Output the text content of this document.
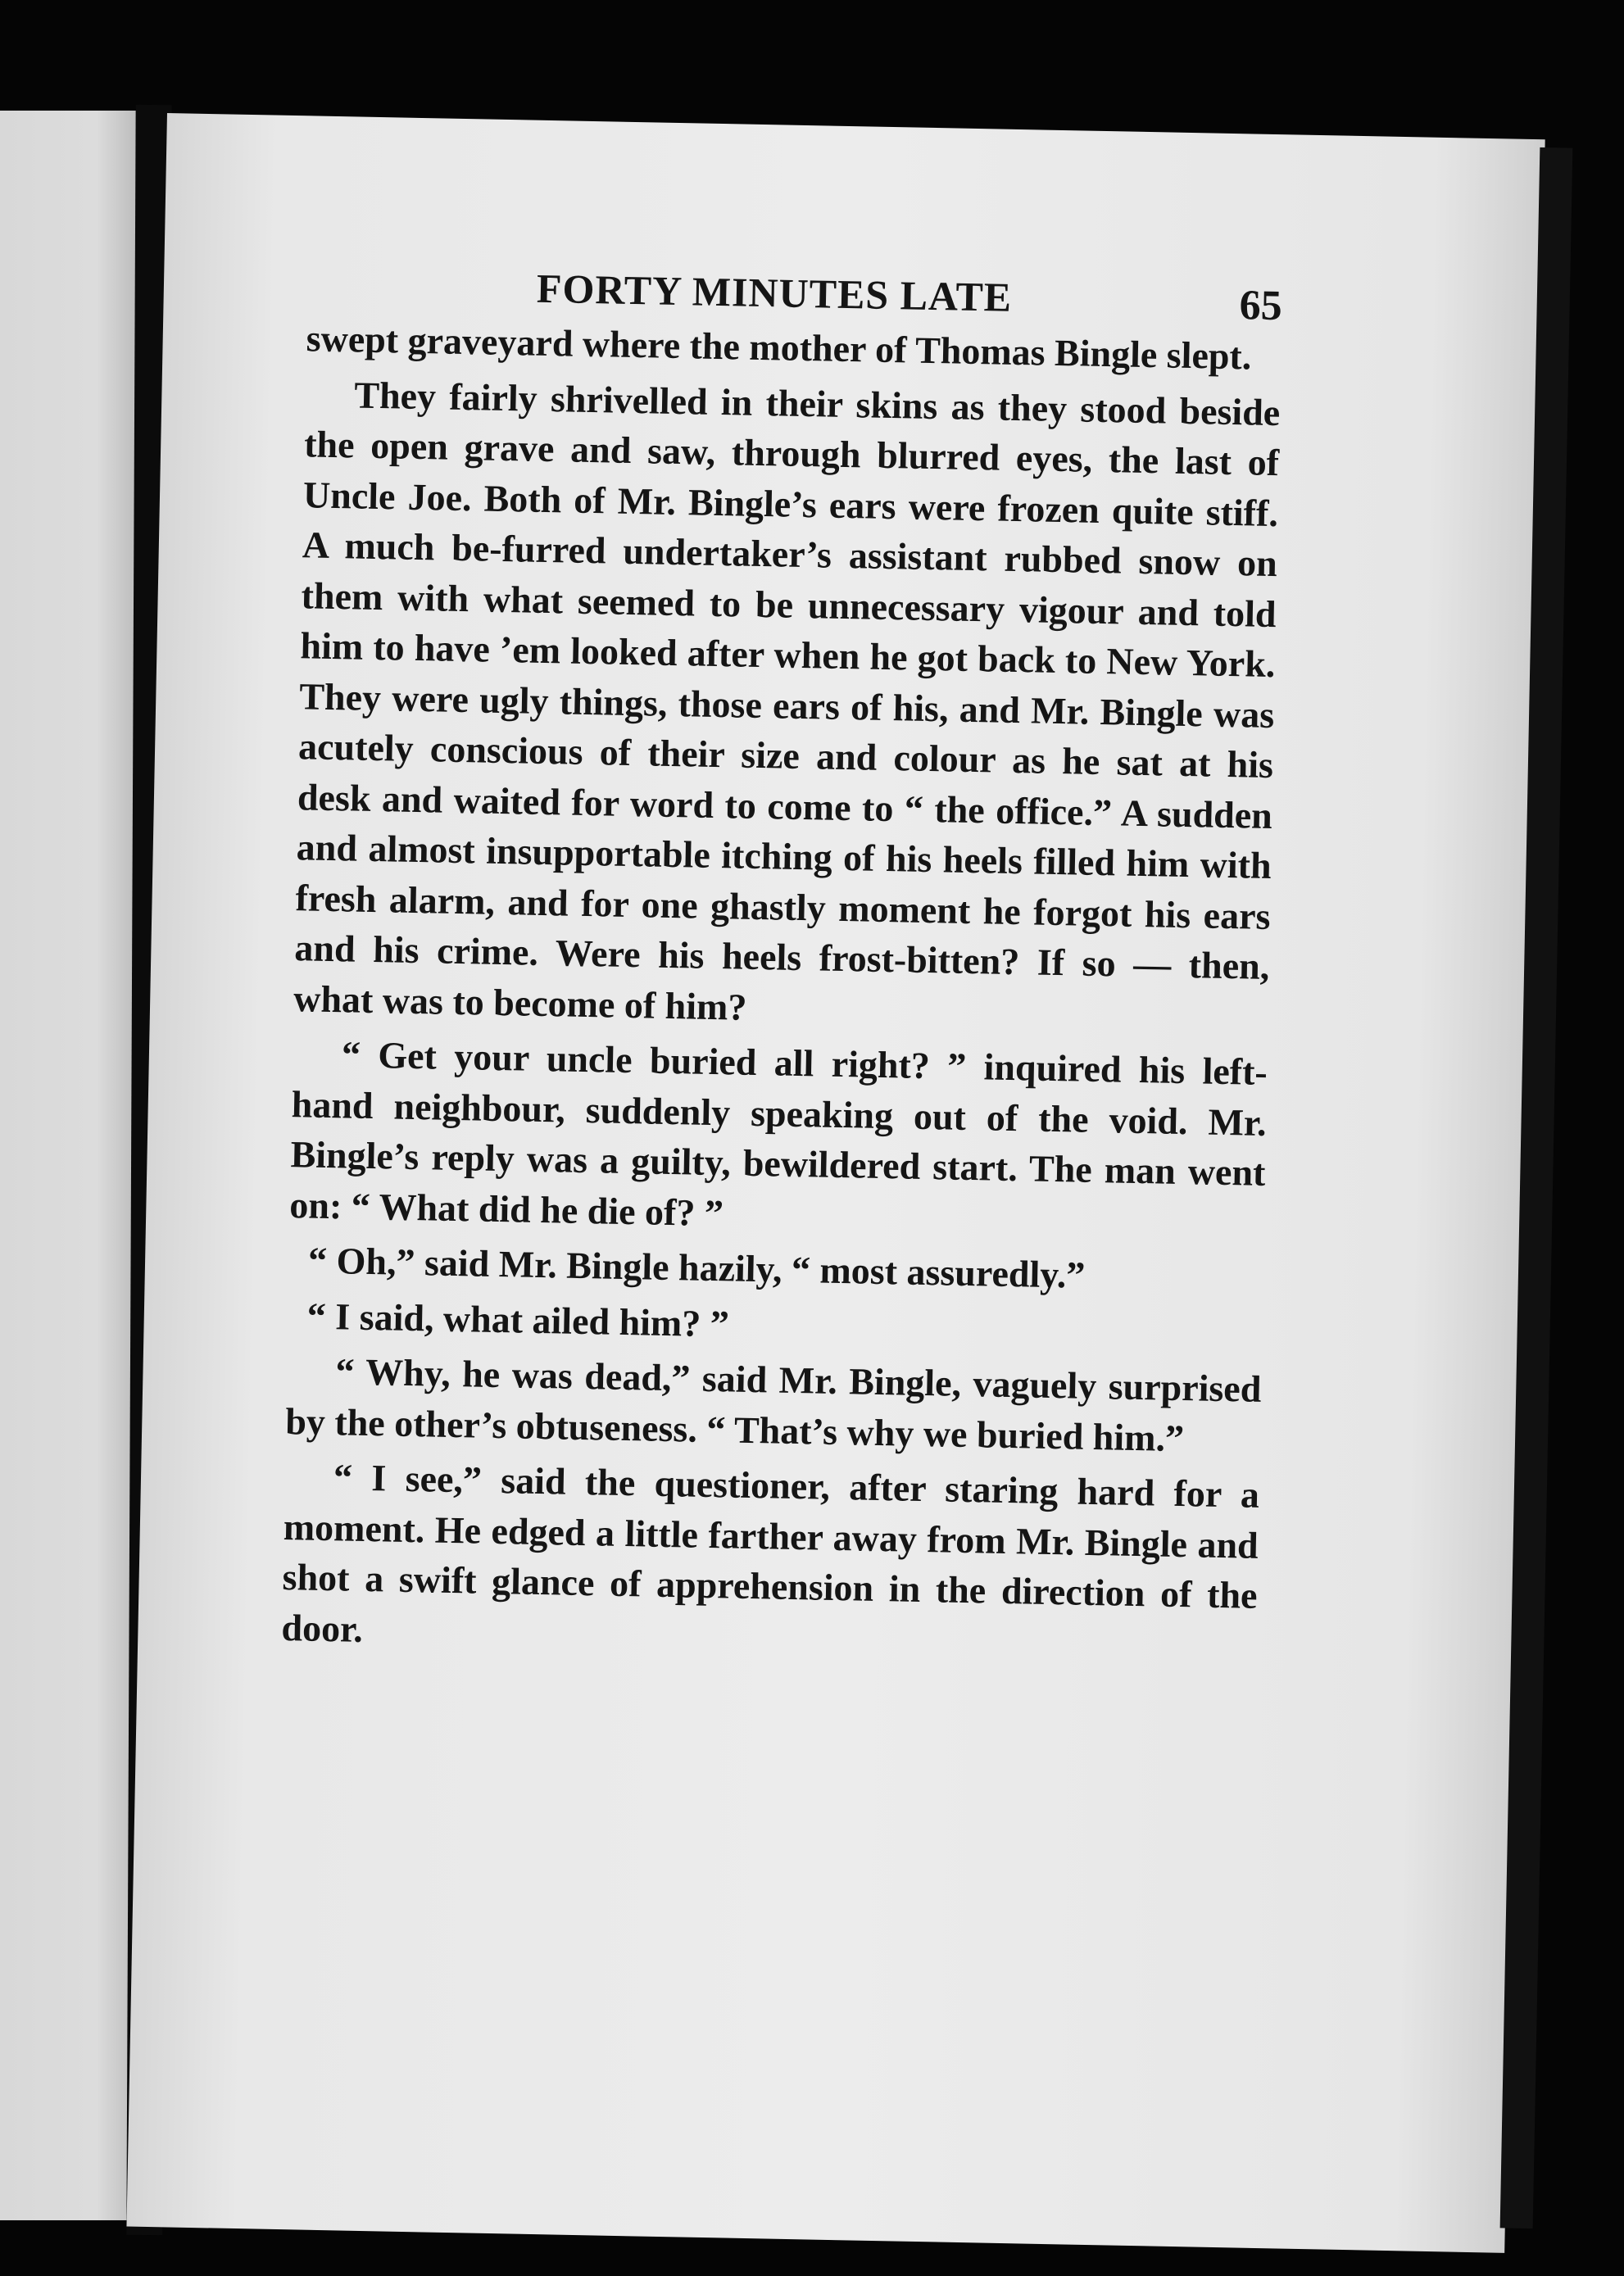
FORTY MINUTES LATE	65

swept graveyard where the mother of Thomas Bingle slept.

They fairly shrivelled in their skins as they stood beside the open grave and saw, through blurred eyes, the last of Uncle Joe. Both of Mr. Bingle’s ears were frozen quite stiff. A much be-furred undertaker’s assistant rubbed snow on them with what seemed to be unnecessary vigour and told him to have ’em looked after when he got back to New York. They were ugly things, those ears of his, and Mr. Bingle was acutely conscious of their size and colour as he sat at his desk and waited for word to come to “ the office.” A sudden and almost insupportable itching of his heels filled him with fresh alarm, and for one ghastly moment he forgot his ears and his crime. Were his heels frost-bitten? If so — then, what was to become of him?

“ Get your uncle buried all right? ” inquired his left-hand neighbour, suddenly speaking out of the void. Mr. Bingle’s reply was a guilty, bewildered start. The man went on: “ What did he die of? ”

“ Oh,” said Mr. Bingle hazily, “ most assuredly.”

“ I said, what ailed him? ”

“ Why, he was dead,” said Mr. Bingle, vaguely surprised by the other’s obtuseness. “ That’s why we buried him.”

“ I see,” said the questioner, after staring hard for a moment. He edged a little farther away from Mr. Bingle and shot a swift glance of apprehension in the direction of the door.
